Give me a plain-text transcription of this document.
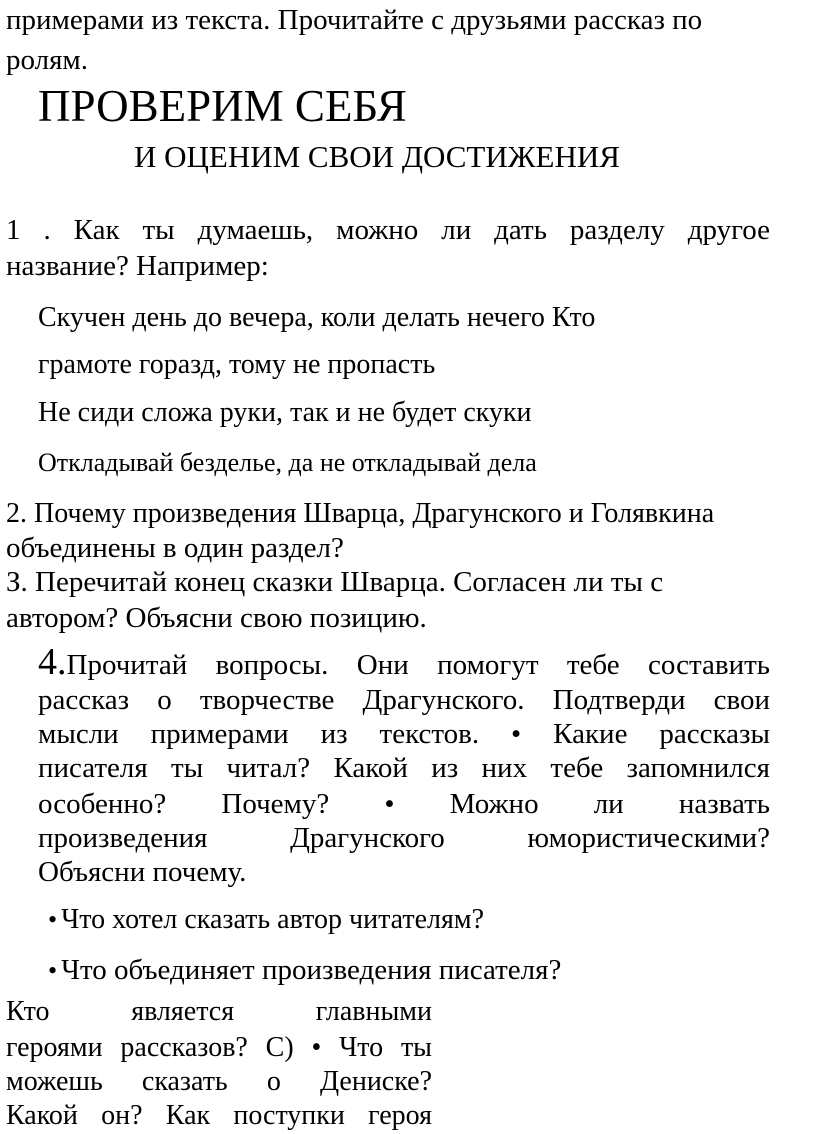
примерами из текста. Прочитайте с друзьями рассказ по

ролям.

ПРОВЕРИМ СЕБЯ
И ОЦЕНИМ СВОИ ДОСТИЖЕНИЯ

1 . Как ты думаешь, можно ли дать разделу другое

название? Например:

Скучен день до вечера, коли делать нечего Кто

грамоте горазд, тому не пропасть

Не сиди сложа руки, так и не будет скуки

Откладывай безделье, да не откладывай дела

2. Почему произведения Шварца, Драгунского и Голявкина

объединены в один раздел?

З. Перечитай конец сказки Шварца. Согласен ли ты с

автором? Объясни свою позицию.

4.Прочитай вопросы. Они помогут тебе составить

рассказ о творчестве Драгунского. Подтверди свои

мысли примерами из текстов. • Какие рассказы

писателя ты читал? Какой из них тебе запомнился

особенно? Почему? • Можно ли назвать

произведения Драгунского юмористическими?

Объясни почему.

• Что хотел сказать автор читателям?

• Что объединяет произведения писателя?

Кто является главными

героями рассказов? С) • Что ты

можешь сказать о Дениске?

Какой он? Как поступки героя
